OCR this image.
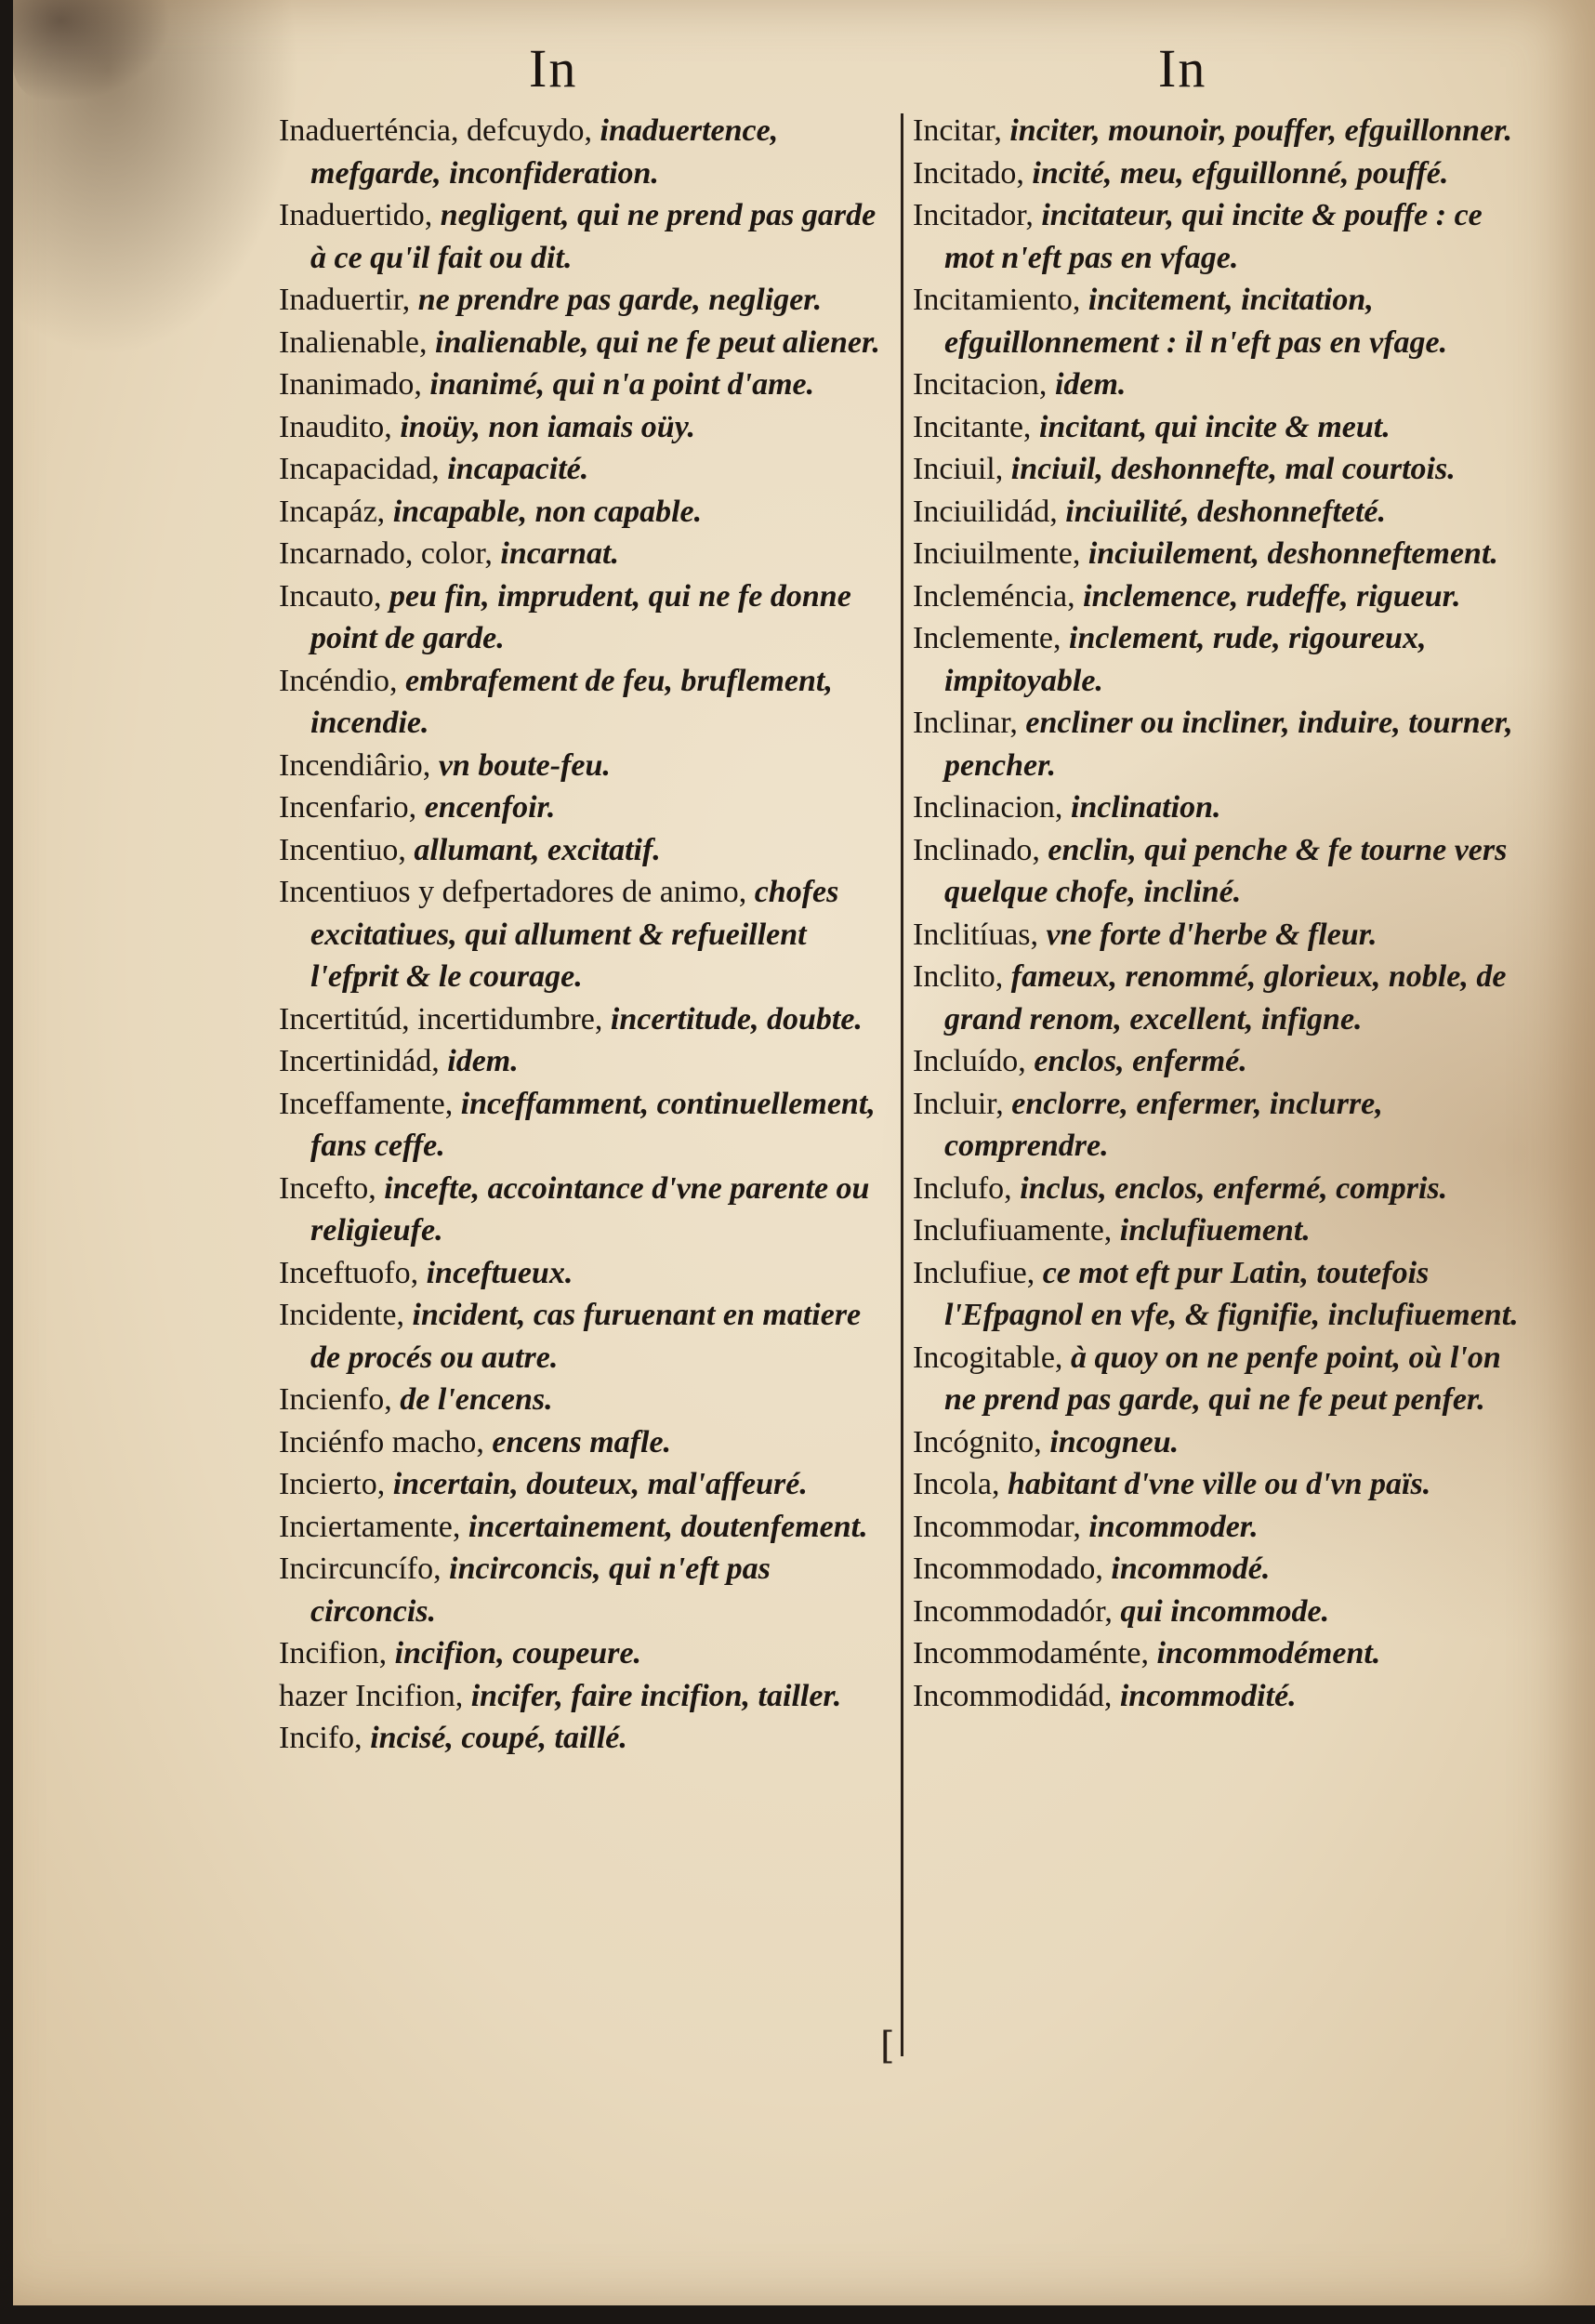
In	In
[

Inaduerténcia, defcuydo, inaduertence, mefgarde, inconfideration.

Inaduertido, negligent, qui ne prend pas garde à ce qu'il fait ou dit.

Inaduertir, ne prendre pas garde, negliger.

Inalienable, inalienable, qui ne fe peut aliener.

Inanimado, inanimé, qui n'a point d'ame.

Inaudito, inoüy, non iamais oüy.

Incapacidad, incapacité.

Incapáz, incapable, non capable.

Incarnado, color, incarnat.

Incauto, peu fin, imprudent, qui ne fe donne point de garde.

Incéndio, embrafement de feu, bruflement, incendie.

Incendiârio, vn boute-feu.

Incenfario, encenfoir.

Incentiuo, allumant, excitatif.

Incentiuos y defpertadores de animo, chofes excitatiues, qui allument & refueillent l'efprit & le courage.

Incertitúd, incertidumbre, incertitude, doubte.

Incertinidád, idem.

Inceffamente, inceffamment, continuellement, fans ceffe.

Incefto, incefte, accointance d'vne parente ou religieufe.

Inceftuofo, inceftueux.

Incidente, incident, cas furuenant en matiere de procés ou autre.

Incienfo, de l'encens.

Inciénfo macho, encens mafle.

Incierto, incertain, douteux, mal'affeuré.

Inciertamente, incertainement, doutenfement.

Incircuncífo, incirconcis, qui n'eft pas circoncis.

Incifion, incifion, coupeure.

hazer Incifion, incifer, faire incifion, tailler.

Incifo, incisé, coupé, taillé.

Incitar, inciter, mounoir, pouffer, efguillonner.

Incitado, incité, meu, efguillonné, pouffé.

Incitador, incitateur, qui incite & pouffe : ce mot n'eft pas en vfage.

Incitamiento, incitement, incitation, efguillonnement : il n'eft pas en vfage.

Incitacion, idem.

Incitante, incitant, qui incite & meut.

Inciuil, inciuil, deshonnefte, mal courtois.

Inciuilidád, inciuilité, deshonnefteté.

Inciuilmente, inciuilement, deshonneftement.

Incleméncia, inclemence, rudeffe, rigueur.

Inclemente, inclement, rude, rigoureux, impitoyable.

Inclinar, encliner ou incliner, induire, tourner, pencher.

Inclinacion, inclination.

Inclinado, enclin, qui penche & fe tourne vers quelque chofe, incliné.

Inclitíuas, vne forte d'herbe & fleur.

Inclito, fameux, renommé, glorieux, noble, de grand renom, excellent, infigne.

Incluído, enclos, enfermé.

Incluir, enclorre, enfermer, inclurre, comprendre.

Inclufo, inclus, enclos, enfermé, compris.

Inclufiuamente, inclufiuement.

Inclufiue, ce mot eft pur Latin, toutefois l'Efpagnol en vfe, & fignifie, inclufiuement.

Incogitable, à quoy on ne penfe point, où l'on ne prend pas garde, qui ne fe peut penfer.

Incógnito, incogneu.

Incola, habitant d'vne ville ou d'vn païs.

Incommodar, incommoder.

Incommodado, incommodé.

Incommodadór, qui incommode.

Incommodaménte, incommodément.

Incommodidád, incommodité.
